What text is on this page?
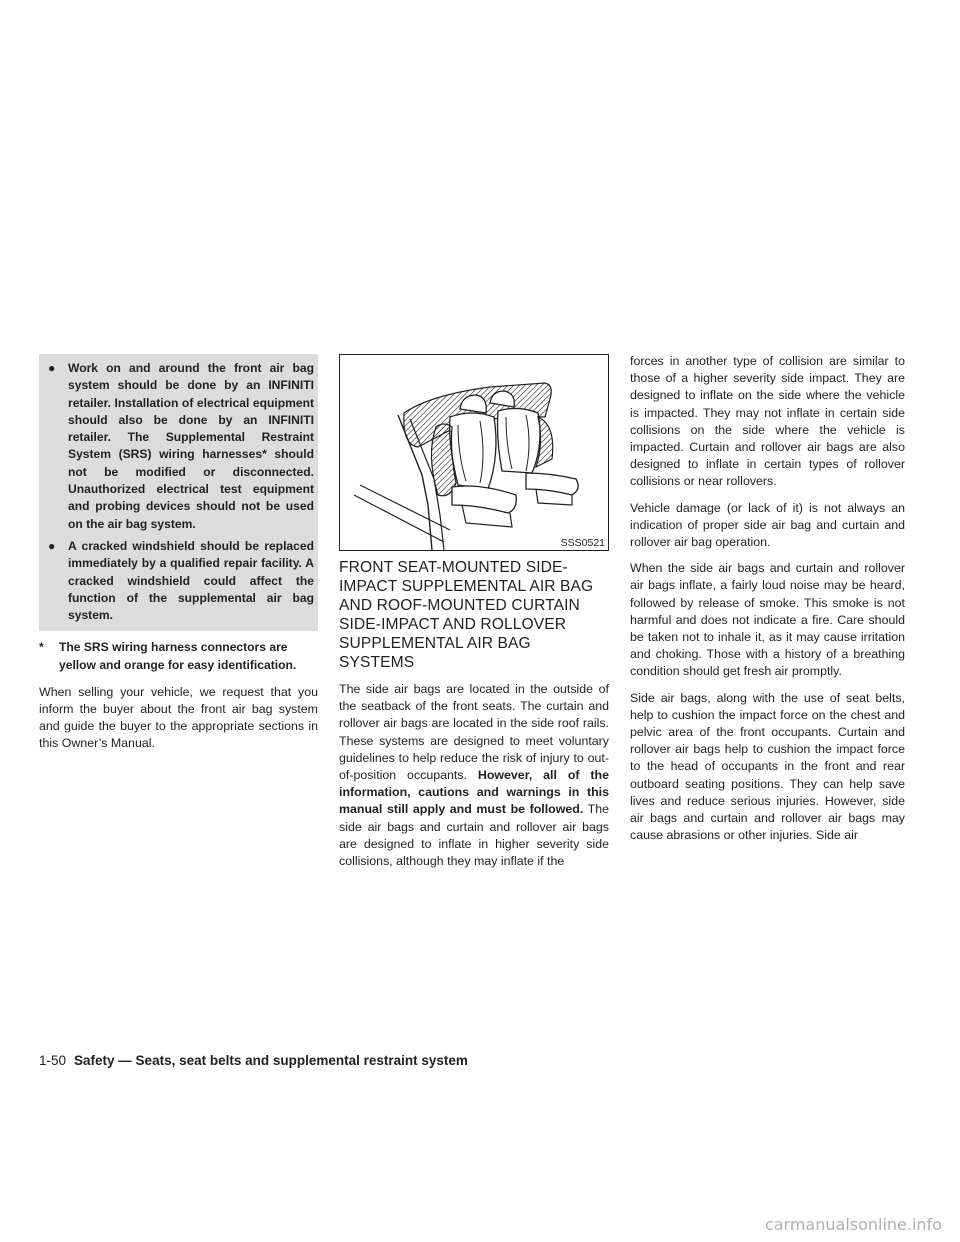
● Work on and around the front air bag system should be done by an INFINITI retailer. Installation of electrical equipment should also be done by an INFINITI retailer. The Supplemental Restraint System (SRS) wiring harnesses* should not be modified or disconnected. Unauthorized electrical test equipment and probing devices should not be used on the air bag system.
● A cracked windshield should be replaced immediately by a qualified repair facility. A cracked windshield could affect the function of the supplemental air bag system.
* The SRS wiring harness connectors are yellow and orange for easy identification.

When selling your vehicle, we request that you inform the buyer about the front air bag system and guide the buyer to the appropriate sections in this Owner’s Manual.

SSS0521
FRONT SEAT-MOUNTED SIDE-IMPACT SUPPLEMENTAL AIR BAG AND ROOF-MOUNTED CURTAIN SIDE-IMPACT AND ROLLOVER SUPPLEMENTAL AIR BAG SYSTEMS

The side air bags are located in the outside of the seatback of the front seats. The curtain and rollover air bags are located in the side roof rails. These systems are designed to meet voluntary guidelines to help reduce the risk of injury to out-of-position occupants. However, all of the information, cautions and warnings in this manual still apply and must be followed. The side air bags and curtain and rollover air bags are designed to inflate in higher severity side collisions, although they may inflate if the

forces in another type of collision are similar to those of a higher severity side impact. They are designed to inflate on the side where the vehicle is impacted. They may not inflate in certain side collisions on the side where the vehicle is impacted. Curtain and rollover air bags are also designed to inflate in certain types of rollover collisions or near rollovers.

Vehicle damage (or lack of it) is not always an indication of proper side air bag and curtain and rollover air bag operation.

When the side air bags and curtain and rollover air bags inflate, a fairly loud noise may be heard, followed by release of smoke. This smoke is not harmful and does not indicate a fire. Care should be taken not to inhale it, as it may cause irritation and choking. Those with a history of a breathing condition should get fresh air promptly.

Side air bags, along with the use of seat belts, help to cushion the impact force on the chest and pelvic area of the front occupants. Curtain and rollover air bags help to cushion the impact force to the head of occupants in the front and rear outboard seating positions. They can help save lives and reduce serious injuries. However, side air bags and curtain and rollover air bags may cause abrasions or other injuries. Side air

1-50 Safety — Seats, seat belts and supplemental restraint system
carmanualsonline.info
